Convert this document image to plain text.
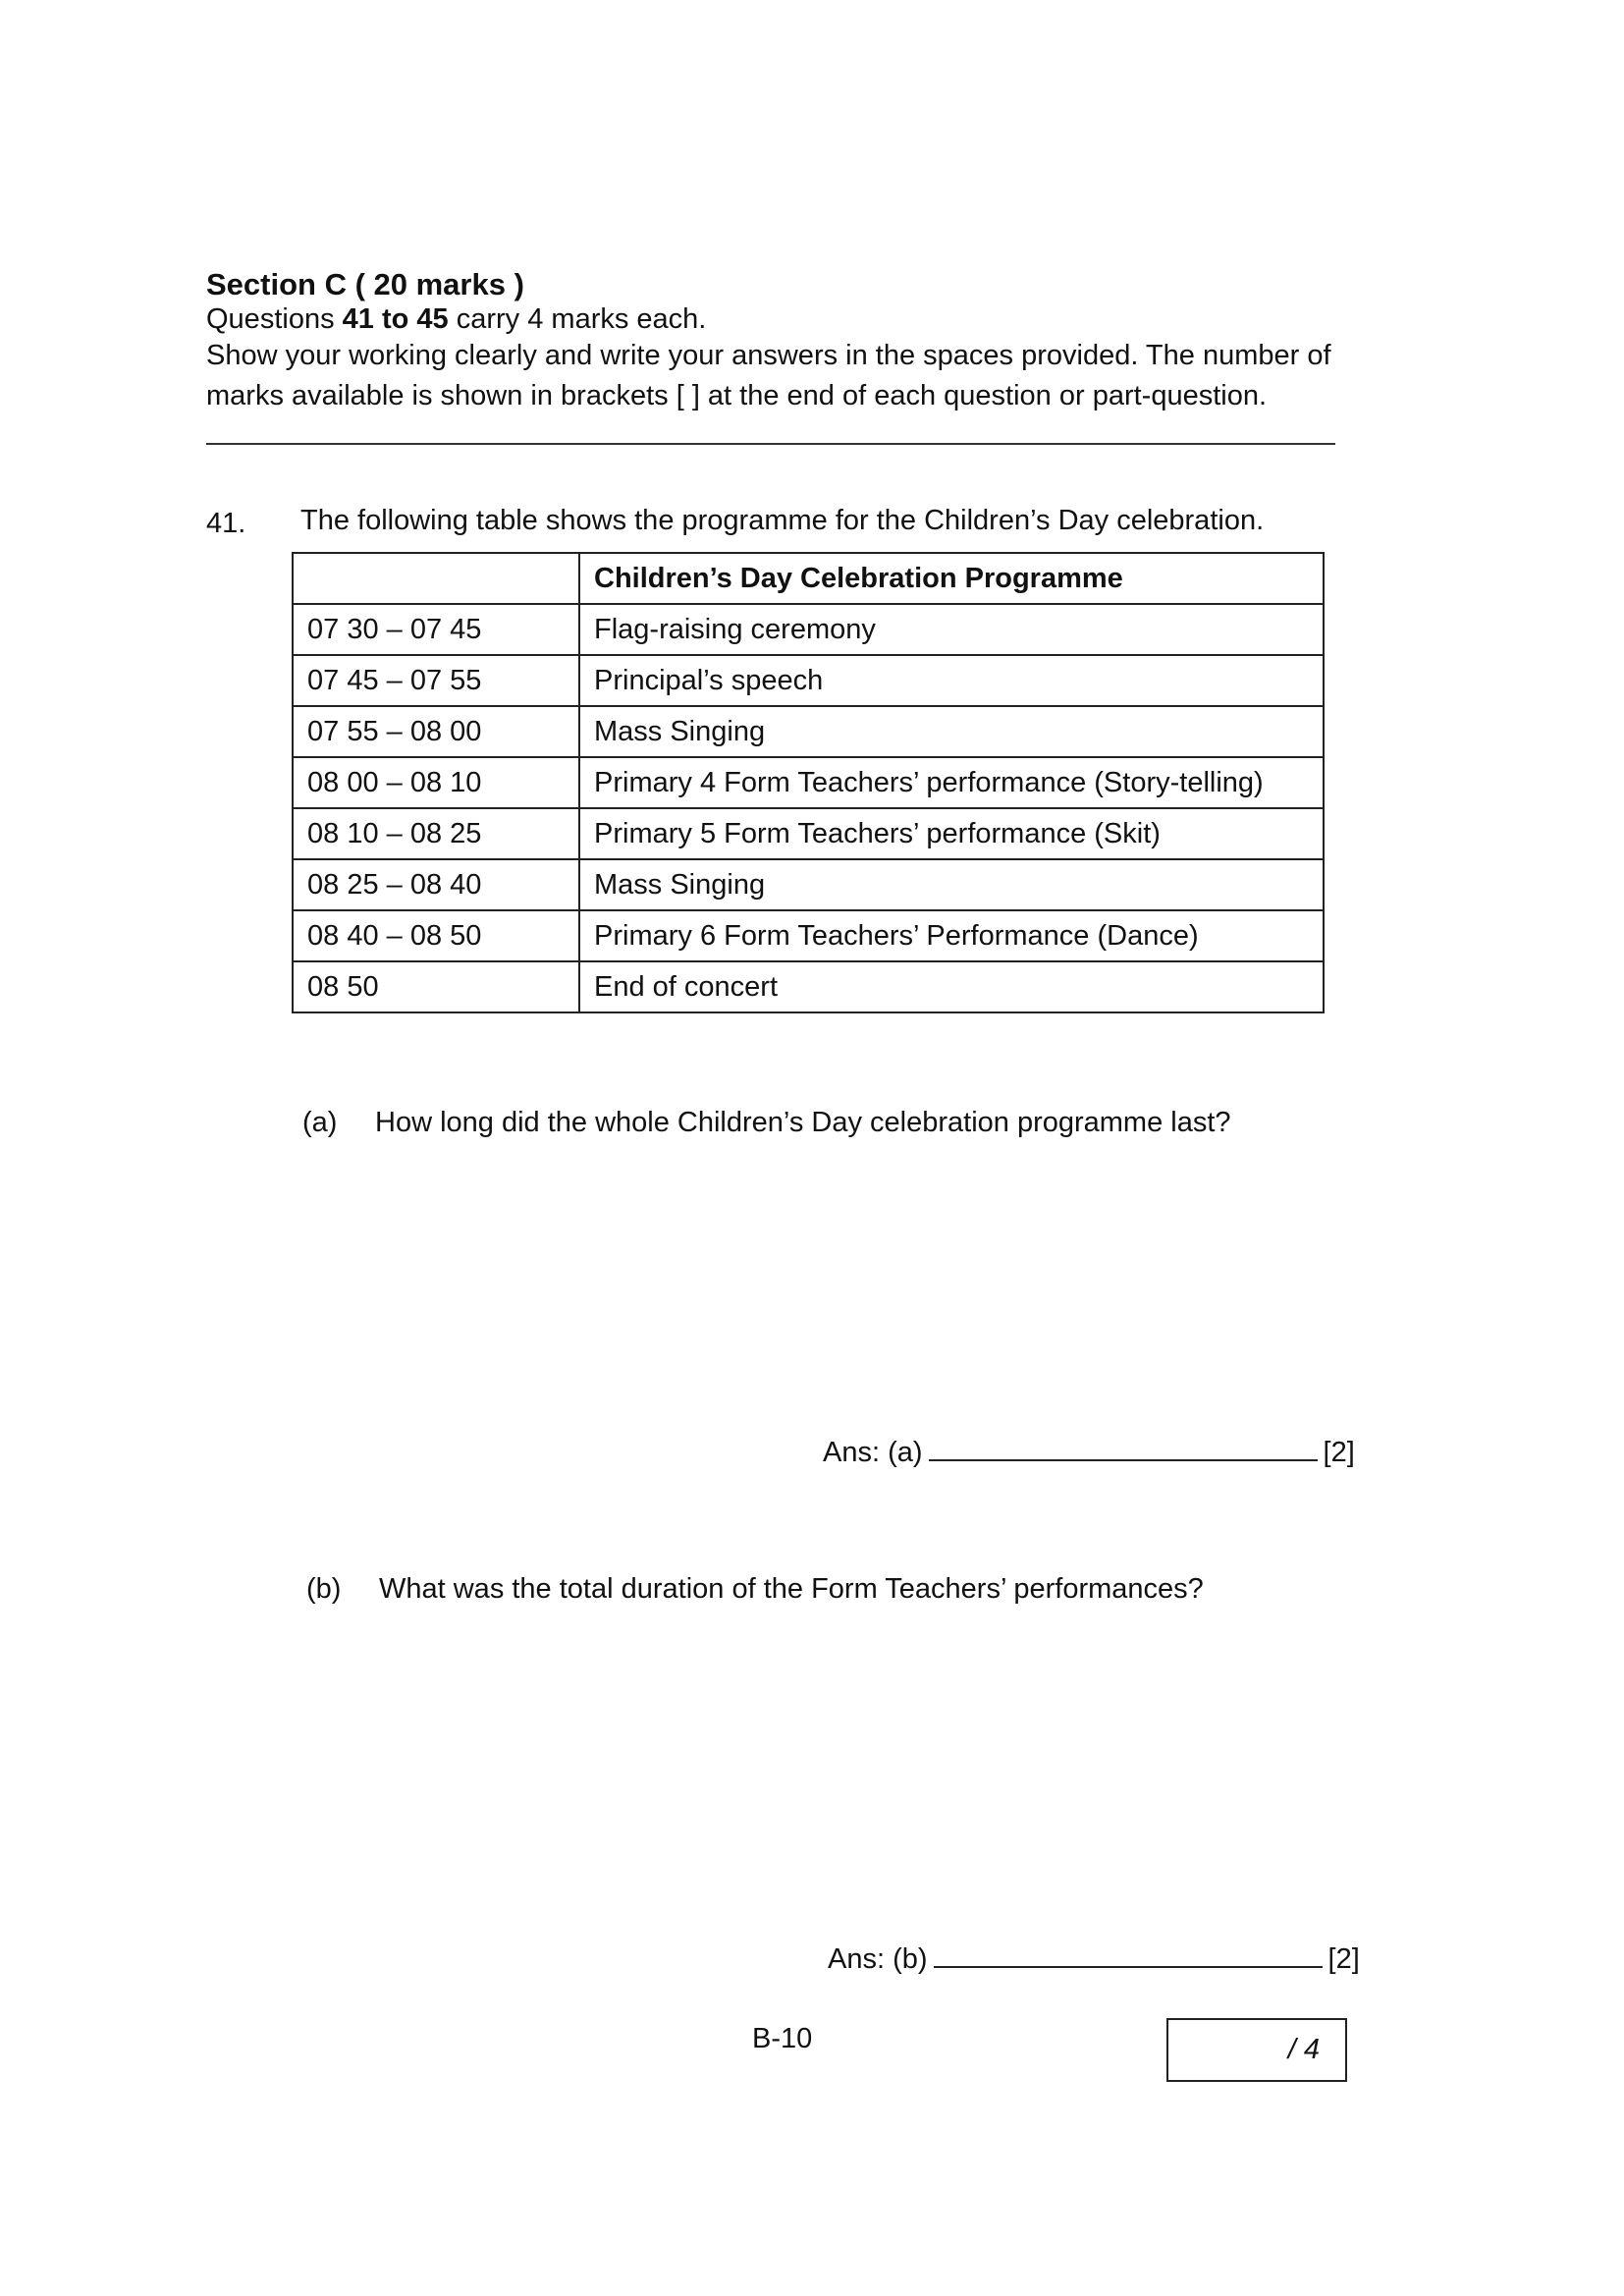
Section C ( 20 marks )
Questions 41 to 45 carry 4 marks each.
Show your working clearly and write your answers in the spaces provided. The number of marks available is shown in brackets [ ] at the end of each question or part-question.
41. The following table shows the programme for the Children’s Day celebration.
	Children’s Day Celebration Programme
07 30 – 07 45	Flag-raising ceremony
07 45 – 07 55	Principal’s speech
07 55 – 08 00	Mass Singing
08 00 – 08 10	Primary 4 Form Teachers’ performance (Story-telling)
08 10 – 08 25	Primary 5 Form Teachers’ performance (Skit)
08 25 – 08 40	Mass Singing
08 40 – 08 50	Primary 6 Form Teachers’ Performance (Dance)
08 50	End of concert
(a) How long did the whole Children’s Day celebration programme last?
Ans: (a)	[2]
(b) What was the total duration of the Form Teachers’ performances?
Ans: (b)	[2]
B-10	/ 4
